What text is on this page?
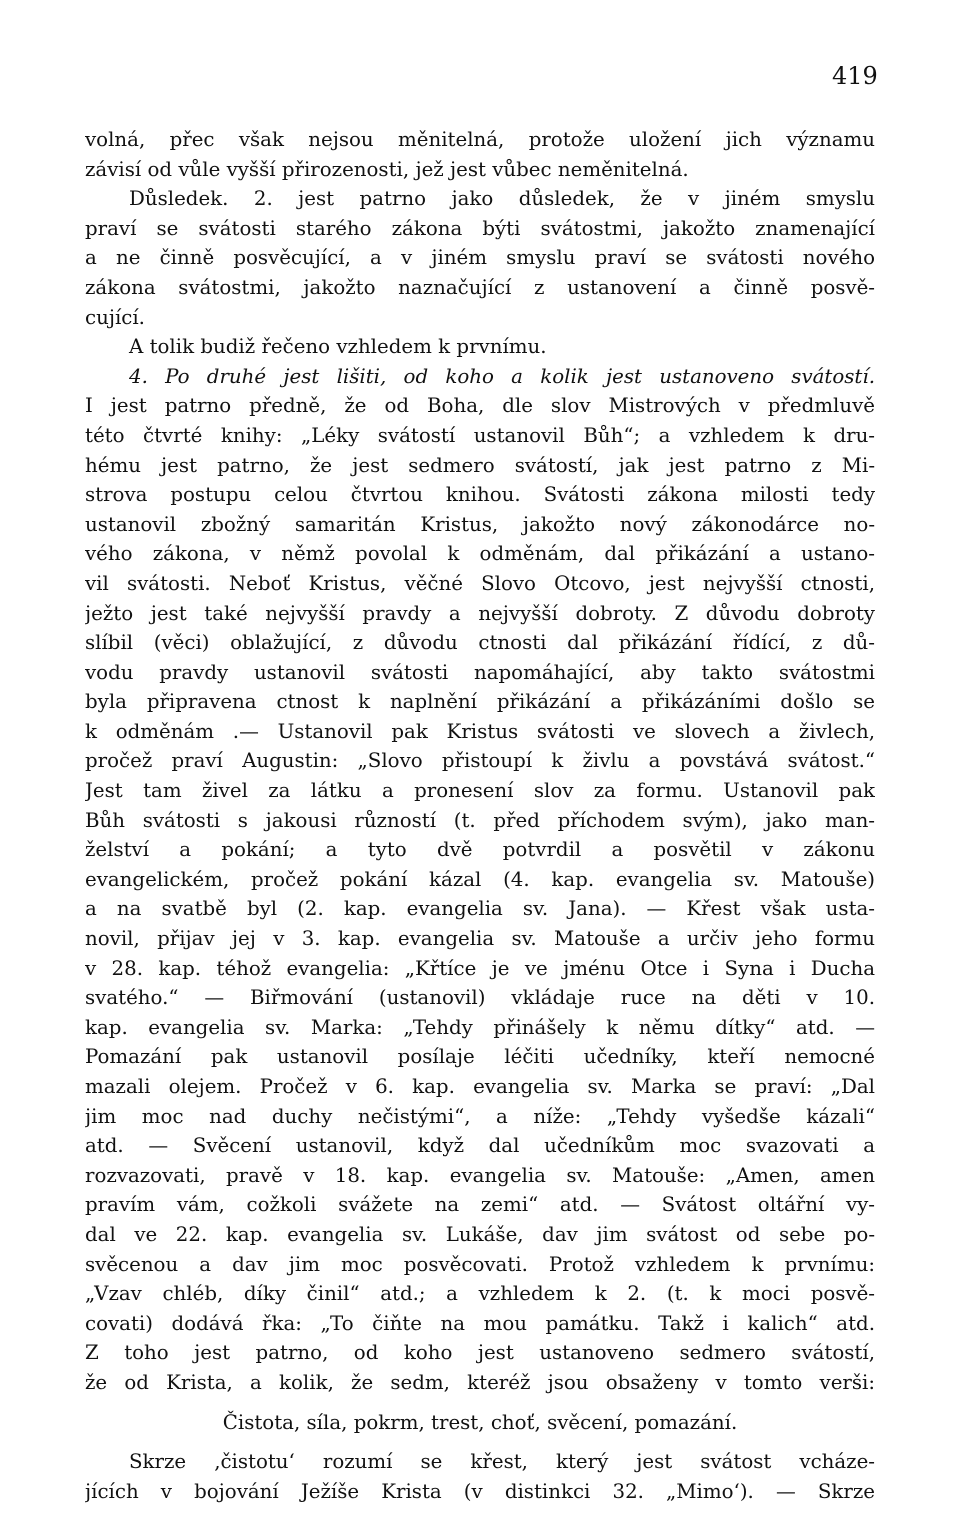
419
volná, přec však nejsou měnitelná, protože uložení jich významu
závisí od vůle vyšší přirozenosti, jež jest vůbec neměnitelná.
Důsledek. 2. jest patrno jako důsledek, že v jiném smyslu
praví se svátosti starého zákona býti svátostmi, jakožto znamenající
a ne činně posvěcující, a v jiném smyslu praví se svátosti nového
zákona svátostmi, jakožto naznačující z ustanovení a činně posvě-
cující.
A tolik budiž řečeno vzhledem k prvnímu.
4. Po druhé jest lišiti, od koho a kolik jest ustanoveno svátostí.
I jest patrno předně, že od Boha, dle slov Mistrových v předmluvě
této čtvrté knihy: „Léky svátostí ustanovil Bůh“; a vzhledem k dru-
hému jest patrno, že jest sedmero svátostí, jak jest patrno z Mi-
strova postupu celou čtvrtou knihou. Svátosti zákona milosti tedy
ustanovil zbožný samaritán Kristus, jakožto nový zákonodárce no-
vého zákona, v němž povolal k odměnám, dal přikázání a ustano-
vil svátosti. Neboť Kristus, věčné Slovo Otcovo, jest nejvyšší ctnosti,
ježto jest také nejvyšší pravdy a nejvyšší dobroty. Z důvodu dobroty
slíbil (věci) oblažující, z důvodu ctnosti dal přikázání řídící, z dů-
vodu pravdy ustanovil svátosti napomáhající, aby takto svátostmi
byla připravena ctnost k naplnění přikázání a přikázáními došlo se
k odměnám .— Ustanovil pak Kristus svátosti ve slovech a živlech,
pročež praví Augustin: „Slovo přistoupí k živlu a povstává svátost.“
Jest tam živel za látku a pronesení slov za formu. Ustanovil pak
Bůh svátosti s jakousi růzností (t. před příchodem svým), jako man-
želství a pokání; a tyto dvě potvrdil a posvětil v zákonu
evangelickém, pročež pokání kázal (4. kap. evangelia sv. Matouše)
a na svatbě byl (2. kap. evangelia sv. Jana). — Křest však usta-
novil, přijav jej v 3. kap. evangelia sv. Matouše a určiv jeho formu
v 28. kap. téhož evangelia: „Křtíce je ve jménu Otce i Syna i Ducha
svatého.“ — Biřmování (ustanovil) vkládaje ruce na děti v 10.
kap. evangelia sv. Marka: „Tehdy přinášely k němu dítky“ atd. —
Pomazání pak ustanovil posílaje léčiti učedníky, kteří nemocné
mazali olejem. Pročež v 6. kap. evangelia sv. Marka se praví: „Dal
jim moc nad duchy nečistými“, a níže: „Tehdy vyšedše kázali“
atd. — Svěcení ustanovil, když dal učedníkům moc svazovati a
rozvazovati, pravě v 18. kap. evangelia sv. Matouše: „Amen, amen
pravím vám, cožkoli svážete na zemi“ atd. — Svátost oltářní vy-
dal ve 22. kap. evangelia sv. Lukáše, dav jim svátost od sebe po-
svěcenou a dav jim moc posvěcovati. Protož vzhledem k prvnímu:
„Vzav chléb, díky činil“ atd.; a vzhledem k 2. (t. k moci posvě-
covati) dodává řka: „To čiňte na mou památku. Takž i kalich“ atd.
Z toho jest patrno, od koho jest ustanoveno sedmero svátostí,
že od Krista, a kolik, že sedm, kteréž jsou obsaženy v tomto verši:
Čistota, síla, pokrm, trest, choť, svěcení, pomazání.
Skrze ‚čistotu‘ rozumí se křest, který jest svátost vcháze-
jících v bojování Ježíše Krista (v distinkci 32. „Mimo‘). — Skrze
